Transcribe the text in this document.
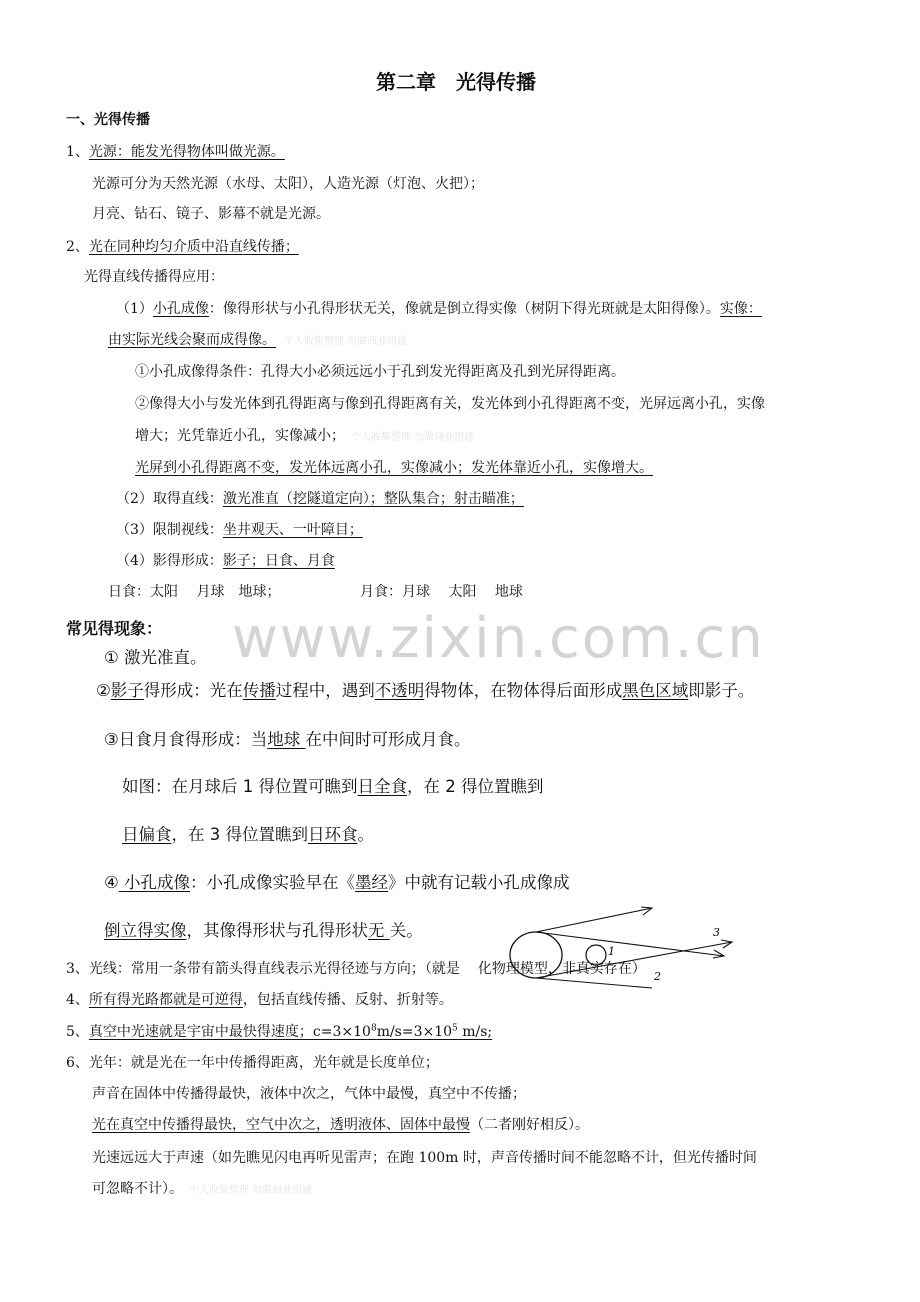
www.zixin.com.cn
第二章　光得传播
一、光得传播
1、光源：能发光得物体叫做光源。
光源可分为天然光源（水母、太阳），人造光源（灯泡、火把）；
月亮、钻石、镜子、影幕不就是光源。
2、光在同种均匀介质中沿直线传播；
光得直线传播得应用：
（1）小孔成像：像得形状与小孔得形状无关，像就是倒立得实像（树阴下得光斑就是太阳得像）。实像：
由实际光线会聚而成得像。 个人收集整理 勿做商业用途
①小孔成像得条件：孔得大小必须远远小于孔到发光得距离及孔到光屏得距离。
②像得大小与发光体到孔得距离与像到孔得距离有关，发光体到小孔得距离不变，光屏远离小孔，实像
增大；光凭靠近小孔，实像减小； 个人收集整理 勿做商业用途
光屏到小孔得距离不变，发光体远离小孔，实像减小；发光体靠近小孔，实像增大。
（2）取得直线：激光准直（挖隧道定向）；整队集合；射击瞄准；
（3）限制视线：坐井观天、一叶障目；
（4）影得形成：影子；日食、月食
日食：太阳　 月球　地球；	月食：月球　 太阳　 地球
常见得现象：
① 激光准直。
②影子得形成：光在传播过程中，遇到不透明得物体，在物体得后面形成黑色区域即影子。
③日食月食得形成：当地球 在中间时可形成月食。
如图：在月球后 1 得位置可瞧到日全食，在 2 得位置瞧到
日偏食，在 3 得位置瞧到日环食。
④ 小孔成像：小孔成像实验早在《墨经》中就有记载小孔成像成
倒立得实像，其像得形状与孔得形状无 关。
1
2
3
3、光线：常用一条带有箭头得直线表示光得径迹与方向；（就是 化物理模型，非真实存在）
4、所有得光路都就是可逆得，包括直线传播、反射、折射等。
5、真空中光速就是宇宙中最快得速度；$c=3\times 10^8m/s=3\times 10^5$ m/s;
6、光年：就是光在一年中传播得距离，光年就是长度单位；
声音在固体中传播得最快，液体中次之，气体中最慢，真空中不传播；
光在真空中传播得最快，空气中次之，透明液体、固体中最慢（二者刚好相反）。
光速远远大于声速（如先瞧见闪电再听见雷声；在跑 100m 时，声音传播时间不能忽略不计，但光传播时间
可忽略不计）。 个人收集整理 勿做商业用途
